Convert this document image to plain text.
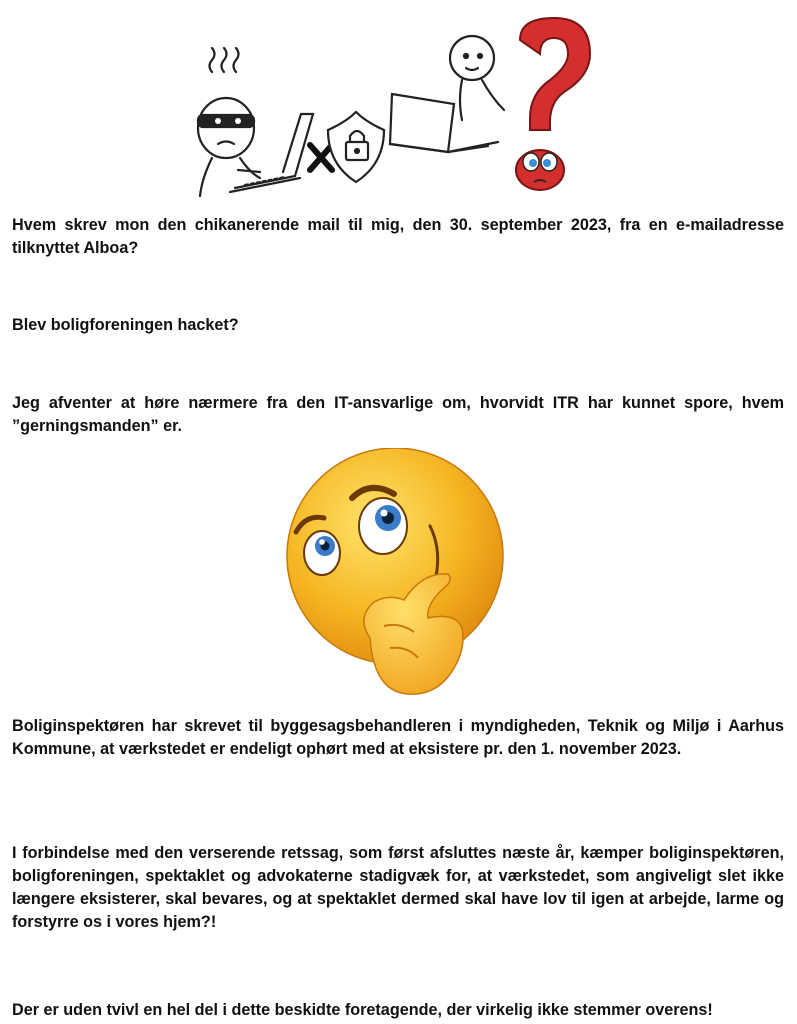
Hvem skrev mon den chikanerende mail til mig, den 30. september 2023, fra en e-mailadresse tilknyttet Alboa?

Blev boligforeningen hacket?

Jeg afventer at høre nærmere fra den IT-ansvarlige om, hvorvidt ITR har kunnet spore, hvem ”gerningsmanden” er.

Boliginspektøren har skrevet til byggesagsbehandleren i myndigheden, Teknik og Miljø i Aarhus Kommune, at værkstedet er endeligt ophørt med at eksistere pr. den 1. november 2023.

I forbindelse med den verserende retssag, som først afsluttes næste år, kæmper boliginspektøren, boligforeningen, spektaklet og advokaterne stadigvæk for, at værkstedet, som angiveligt slet ikke længere eksisterer, skal bevares, og at spektaklet dermed skal have lov til igen at arbejde, larme og forstyrre os i vores hjem?!

Der er uden tvivl en hel del i dette beskidte foretagende, der virkelig ikke stemmer overens!
